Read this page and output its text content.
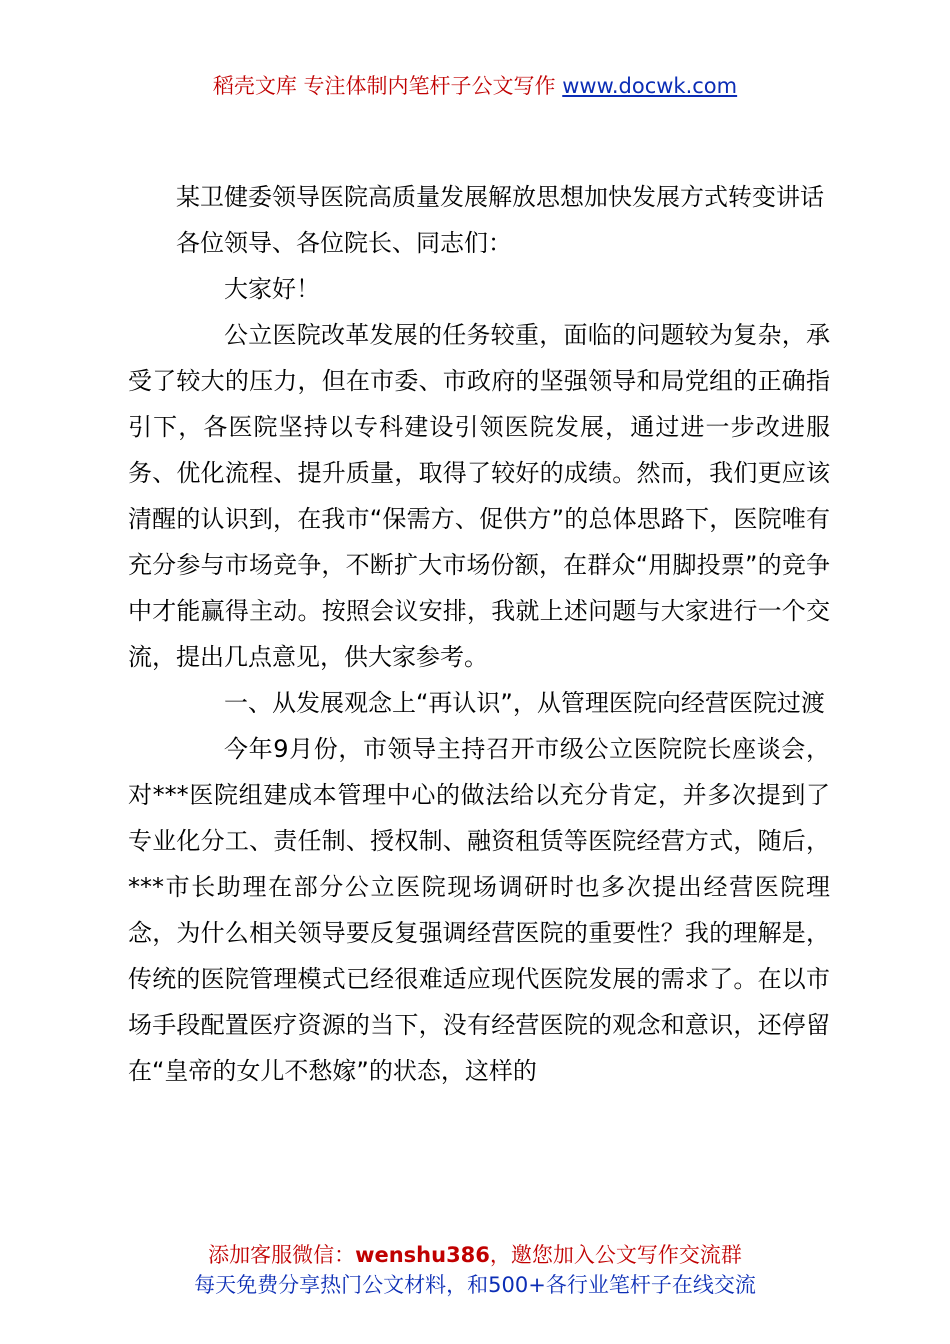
稻壳文库 专注体制内笔杆子公文写作 www.docwk.com

某卫健委领导医院高质量发展解放思想加快发展方式转变讲话

各位领导、各位院长、同志们：

大家好！

公立医院改革发展的任务较重，面临的问题较为复杂，承受了较大的压力，但在市委、市政府的坚强领导和局党组的正确指引下，各医院坚持以专科建设引领医院发展，通过进一步改进服务、优化流程、提升质量，取得了较好的成绩。然而，我们更应该清醒的认识到，在我市“保需方、促供方”的总体思路下，医院唯有充分参与市场竞争，不断扩大市场份额，在群众“用脚投票”的竞争中才能赢得主动。按照会议安排，我就上述问题与大家进行一个交流，提出几点意见，供大家参考。

一、从发展观念上“再认识”，从管理医院向经营医院过渡

今年9月份，市领导主持召开市级公立医院院长座谈会，对***医院组建成本管理中心的做法给以充分肯定，并多次提到了专业化分工、责任制、授权制、融资租赁等医院经营方式，随后，***市长助理在部分公立医院现场调研时也多次提出经营医院理念，为什么相关领导要反复强调经营医院的重要性？我的理解是，传统的医院管理模式已经很难适应现代医院发展的需求了。在以市场手段配置医疗资源的当下，没有经营医院的观念和意识，还停留在“皇帝的女儿不愁嫁”的状态，这样的

添加客服微信：wenshu386，邀您加入公文写作交流群
每天免费分享热门公文材料，和500+各行业笔杆子在线交流
